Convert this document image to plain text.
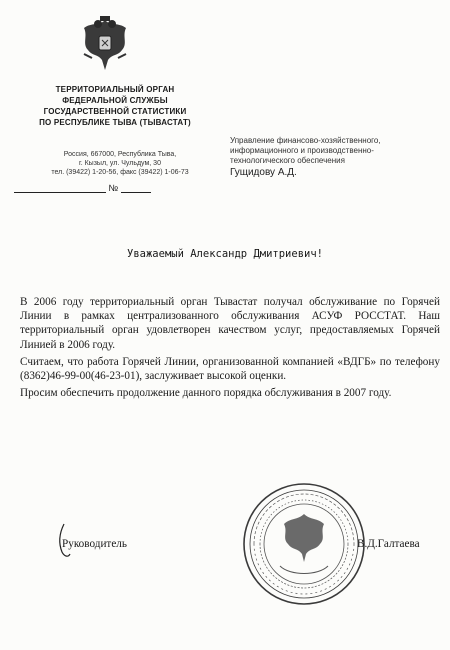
ТЕРРИТОРИАЛЬНЫЙ ОРГАН
ФЕДЕРАЛЬНОЙ СЛУЖБЫ
ГОСУДАРСТВЕННОЙ СТАТИСТИКИ
ПО РЕСПУБЛИКЕ ТЫВА (ТЫВАСТАТ)
Россия, 667000, Республика Тыва,
г. Кызыл, ул. Чульдум, 30
тел. (39422) 1-20-56, факс (39422) 1-06-73
№
Управление финансово-хозяйственного,
информационного и производственно-
технологического обеспечения
Гущидову А.Д.
Уважаемый Александр Дмитриевич!

В 2006 году территориальный орган Тывастат получал обслуживание по Горячей Линии в рамках централизованного обслуживания АСУФ РОССТАТ. Наш территориальный орган удовлетворен качеством услуг, предоставляемых Горячей Линией в 2006 году.

Считаем, что работа Горячей Линии, организованной компанией «ВДГБ» по телефону (8362)46-99-00(46-23-01), заслуживает высокой оценки.

Просим обеспечить продолжение данного порядка обслуживания в 2007 году.

Руководитель	В.Д.Галтаева
